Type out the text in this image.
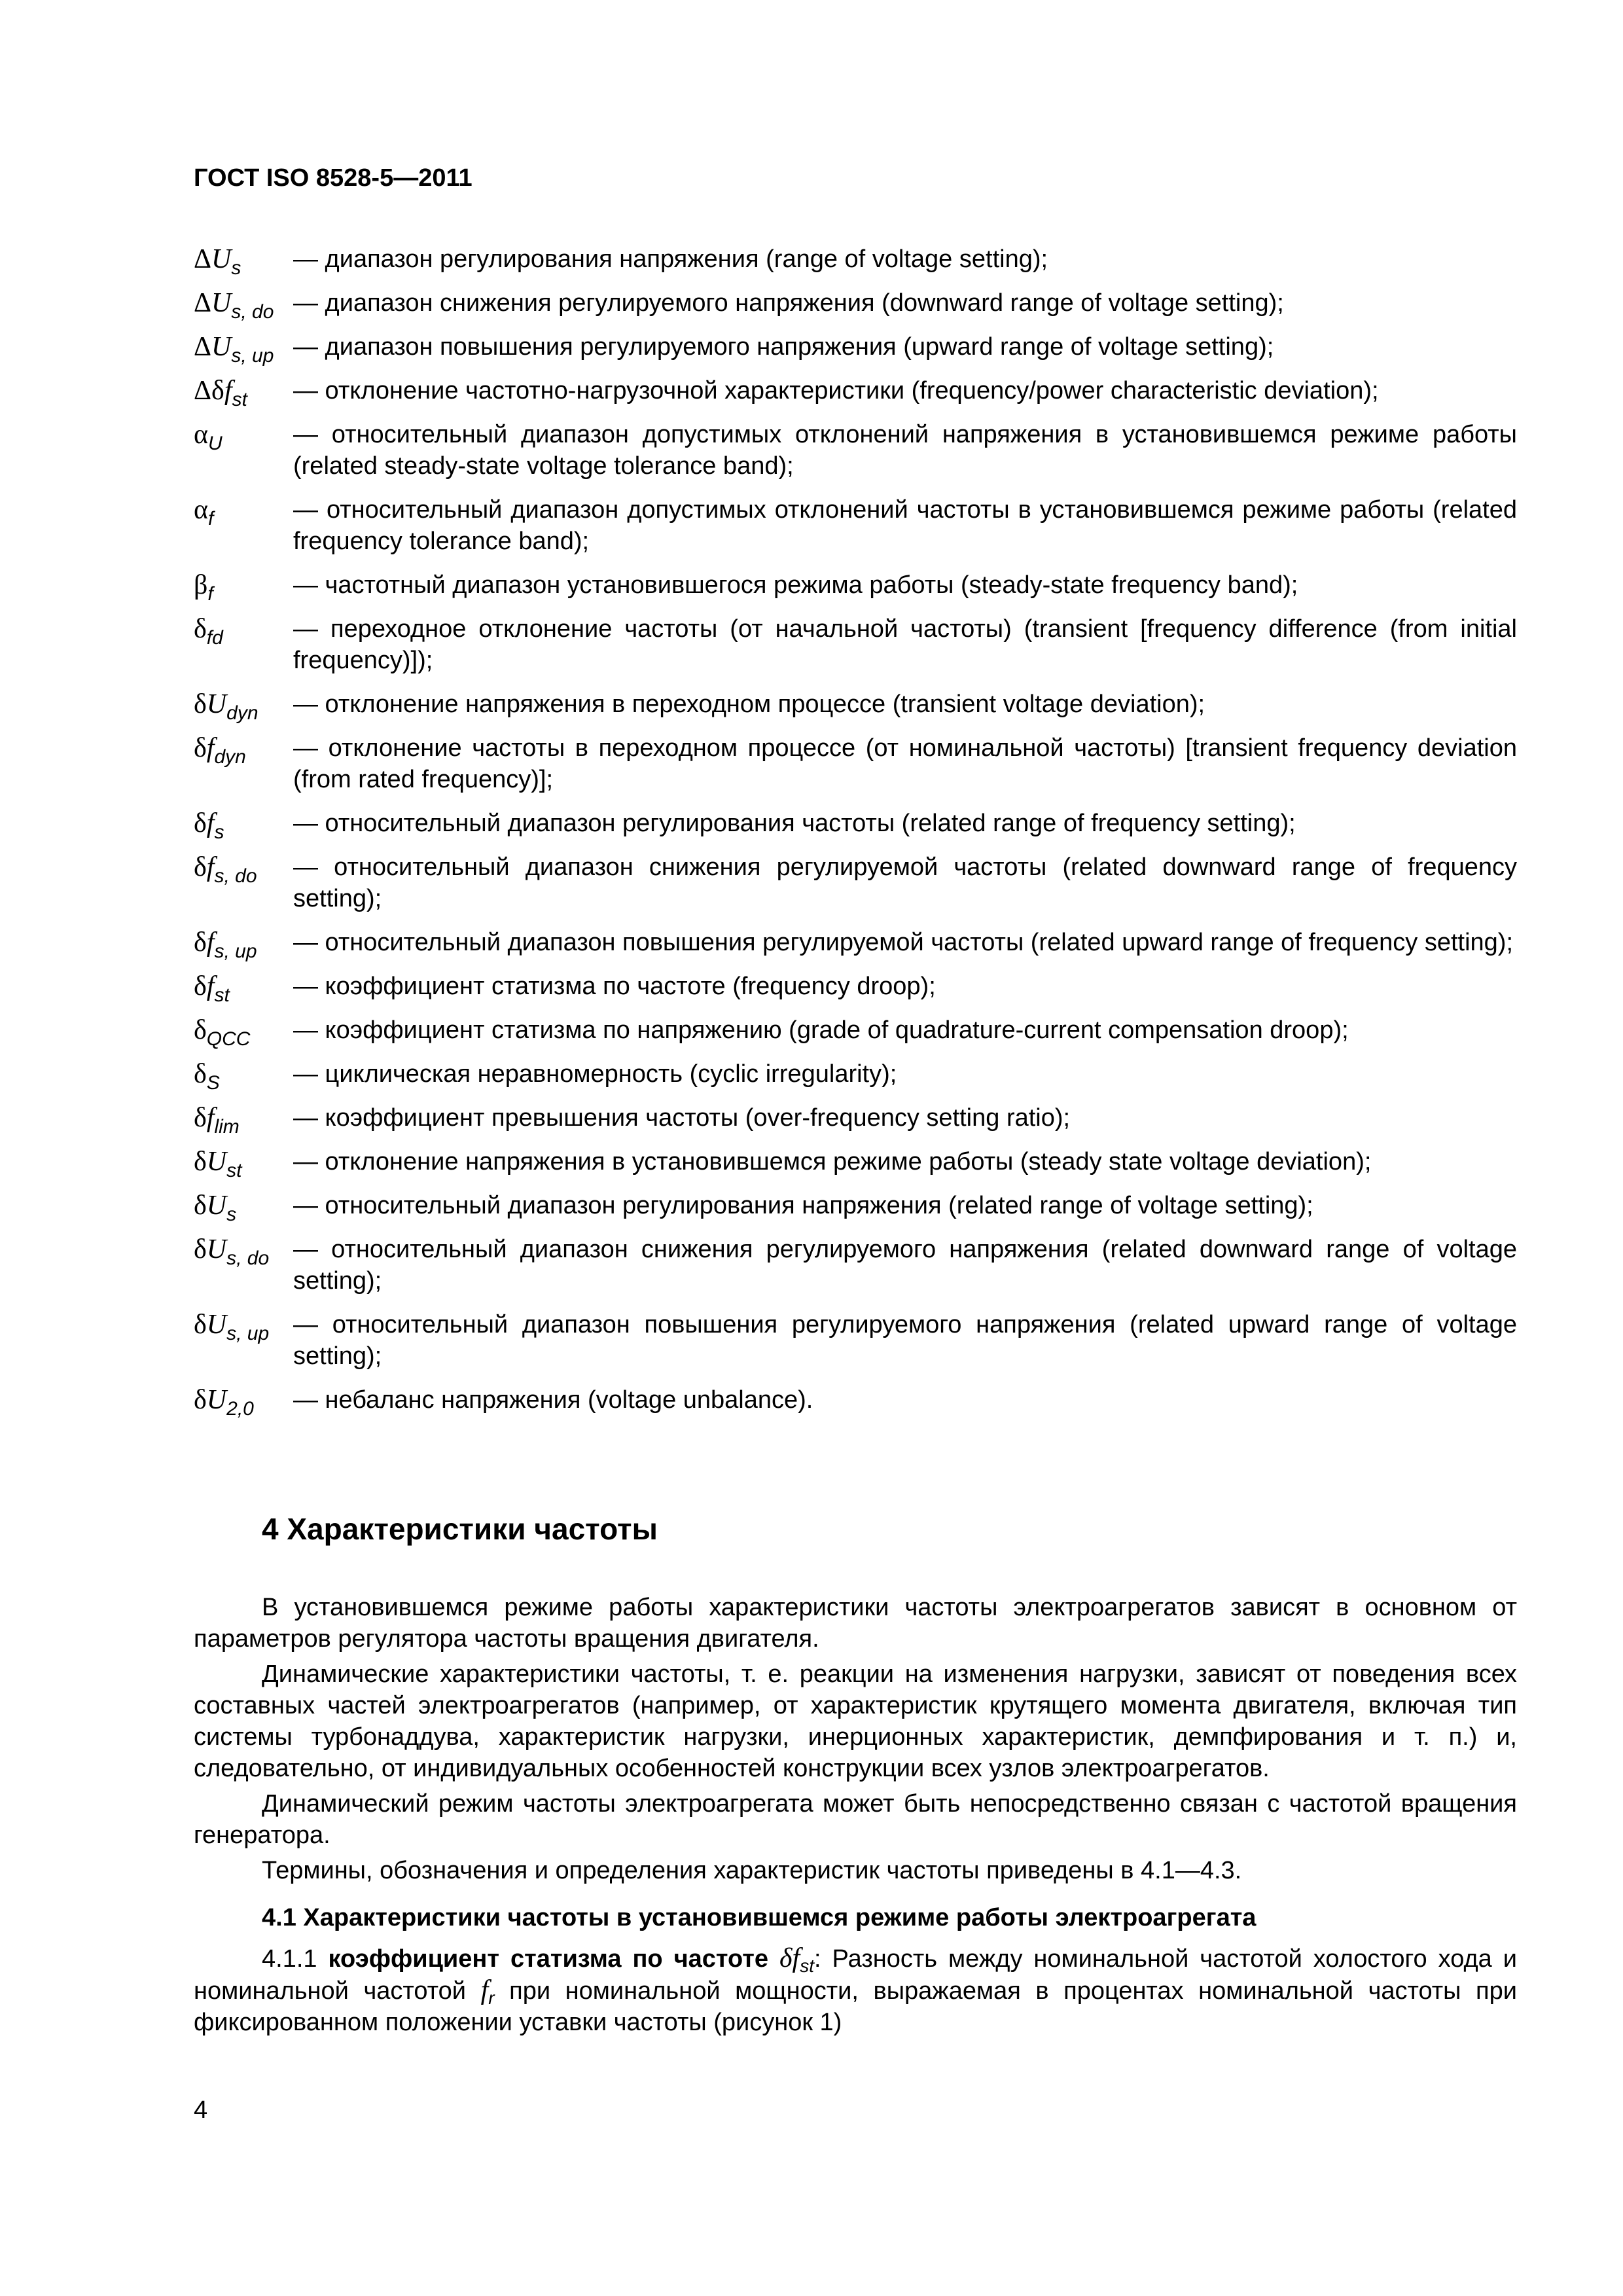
ГОСТ ISO 8528-5—2011
$\Delta U_s$	— диапазон регулирования напряжения (range of voltage setting);
$\Delta U_{s, do}$ — диапазон снижения регулируемого напряжения (downward range of voltage setting);
$\Delta U_{s, up}$ — диапазон повышения регулируемого напряжения (upward range of voltage setting);
Δδf$_{st}$	— отклонение частотно-нагрузочной характеристики (frequency/power characteristic deviation);
$\alpha_U$	— относительный диапазон допустимых отклонений напряжения в установившемся режиме работы (related steady-state voltage tolerance band);
$\alpha_f$	— относительный диапазон допустимых отклонений частоты в установившемся режиме работы (related frequency tolerance band);
$\beta_f$	— частотный диапазон установившегося режима работы (steady-state frequency band);
$\delta_{fd}$	— переходное отклонение частоты (от начальной частоты) (transient [frequency difference (from initial frequency)]);
$\delta U_{dyn}$	— отклонение напряжения в переходном процессе (transient voltage deviation);
$\delta f_{dyn}$	— отклонение частоты в переходном процессе (от номинальной частоты) [transient frequency deviation (from rated frequency)];
$\delta f_s$	— относительный диапазон регулирования частоты (related range of frequency setting);
$\delta f_{s, do}$	— относительный диапазон снижения регулируемой частоты (related downward range of frequency setting);
$\delta f_{s, up}$	— относительный диапазон повышения регулируемой частоты (related upward range of frequency setting);
$\delta f_{st}$	— коэффициент статизма по частоте (frequency droop);
$\delta_{QCC}$	— коэффициент статизма по напряжению (grade of quadrature-current compensation droop);
$\delta_S$	— циклическая неравномерность (cyclic irregularity);
$\delta f_{lim}$	— коэффициент превышения частоты (over-frequency setting ratio);
$\delta U_{st}$	— отклонение напряжения в установившемся режиме работы (steady state voltage deviation);
$\delta U_s$	— относительный диапазон регулирования напряжения (related range of voltage setting);
$\delta U_{s, do}$ — относительный диапазон снижения регулируемого напряжения (related downward range of voltage setting);
$\delta U_{s, up}$ — относительный диапазон повышения регулируемого напряжения (related upward range of voltage setting);
$\delta U_{2,0}$	— небаланс напряжения (voltage unbalance).
4 Характеристики частоты

В установившемся режиме работы характеристики частоты электроагрегатов зависят в основном от параметров регулятора частоты вращения двигателя.

Динамические характеристики частоты, т. е. реакции на изменения нагрузки, зависят от поведения всех составных частей электроагрегатов (например, от характеристик крутящего момента двигателя, включая тип системы турбонаддува, характеристик нагрузки, инерционных характеристик, демпфирования и т. п.) и, следовательно, от индивидуальных особенностей конструкции всех узлов электроагрегатов.

Динамический режим частоты электроагрегата может быть непосредственно связан с частотой вращения генератора.

Термины, обозначения и определения характеристик частоты приведены в 4.1—4.3.

4.1 Характеристики частоты в установившемся режиме работы электроагрегата

4.1.1 коэффициент статизма по частоте $\delta f_{st}$: Разность между номинальной частотой холостого хода и номинальной частотой $f_r$ при номинальной мощности, выражаемая в процентах номинальной частоты при фиксированном положении уставки частоты (рисунок 1)

4
